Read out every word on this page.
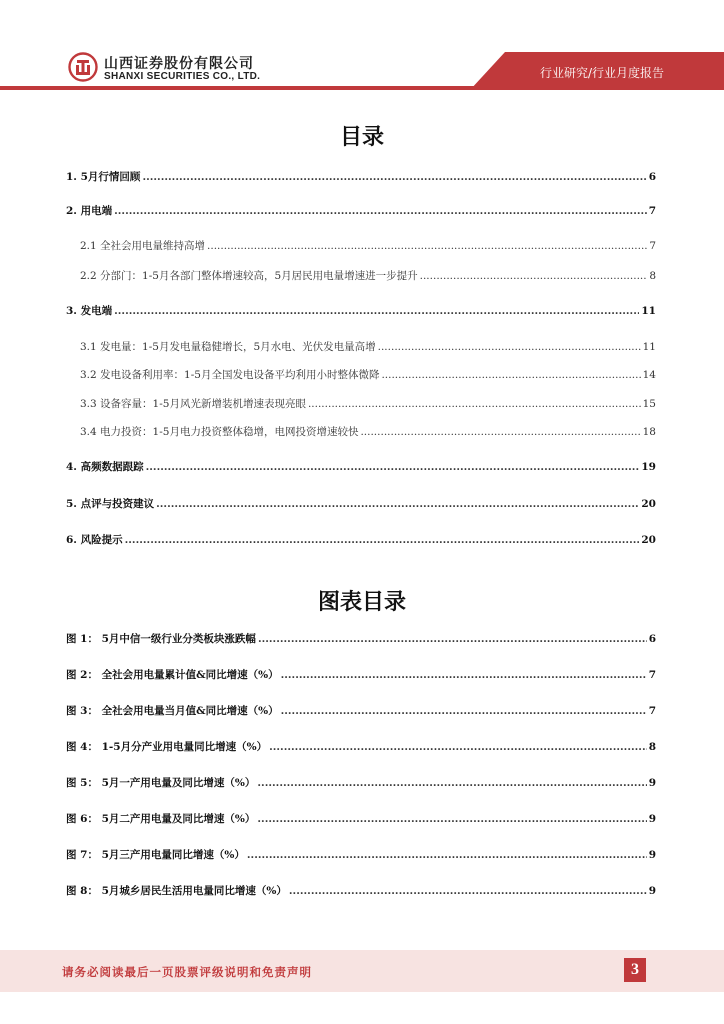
山西证券股份有限公司
SHANXI SECURITIES CO., LTD.	行业研究/行业月度报告
目录
1. 5月行情回顾 .....	6
2. 用电端 .....	7
2.1 全社会用电量维持高增 .....	7
2.2 分部门：1-5月各部门整体增速较高，5月居民用电量增速进一步提升 .....	8
3. 发电端 .....	11
3.1 发电量：1-5月发电量稳健增长，5月水电、光伏发电量高增 .....	11
3.2 发电设备利用率：1-5月全国发电设备平均利用小时整体微降 .....	14
3.3 设备容量：1-5月风光新增装机增速表现亮眼 .....	15
3.4 电力投资：1-5月电力投资整体稳增，电网投资增速较快 .....	18
4. 高频数据跟踪 .....	19
5. 点评与投资建议 .....	20
6. 风险提示 .....	20
图表目录
图 1： 5月中信一级行业分类板块涨跌幅 .....	6
图 2： 全社会用电量累计值&同比增速（%） .....	7
图 3： 全社会用电量当月值&同比增速（%） .....	7
图 4： 1-5月分产业用电量同比增速（%） .....	8
图 5： 5月一产用电量及同比增速（%） .....	9
图 6： 5月二产用电量及同比增速（%） .....	9
图 7： 5月三产用电量同比增速（%） .....	9
图 8： 5月城乡居民生活用电量同比增速（%） .....	9
请务必阅读最后一页股票评级说明和免责声明	3
